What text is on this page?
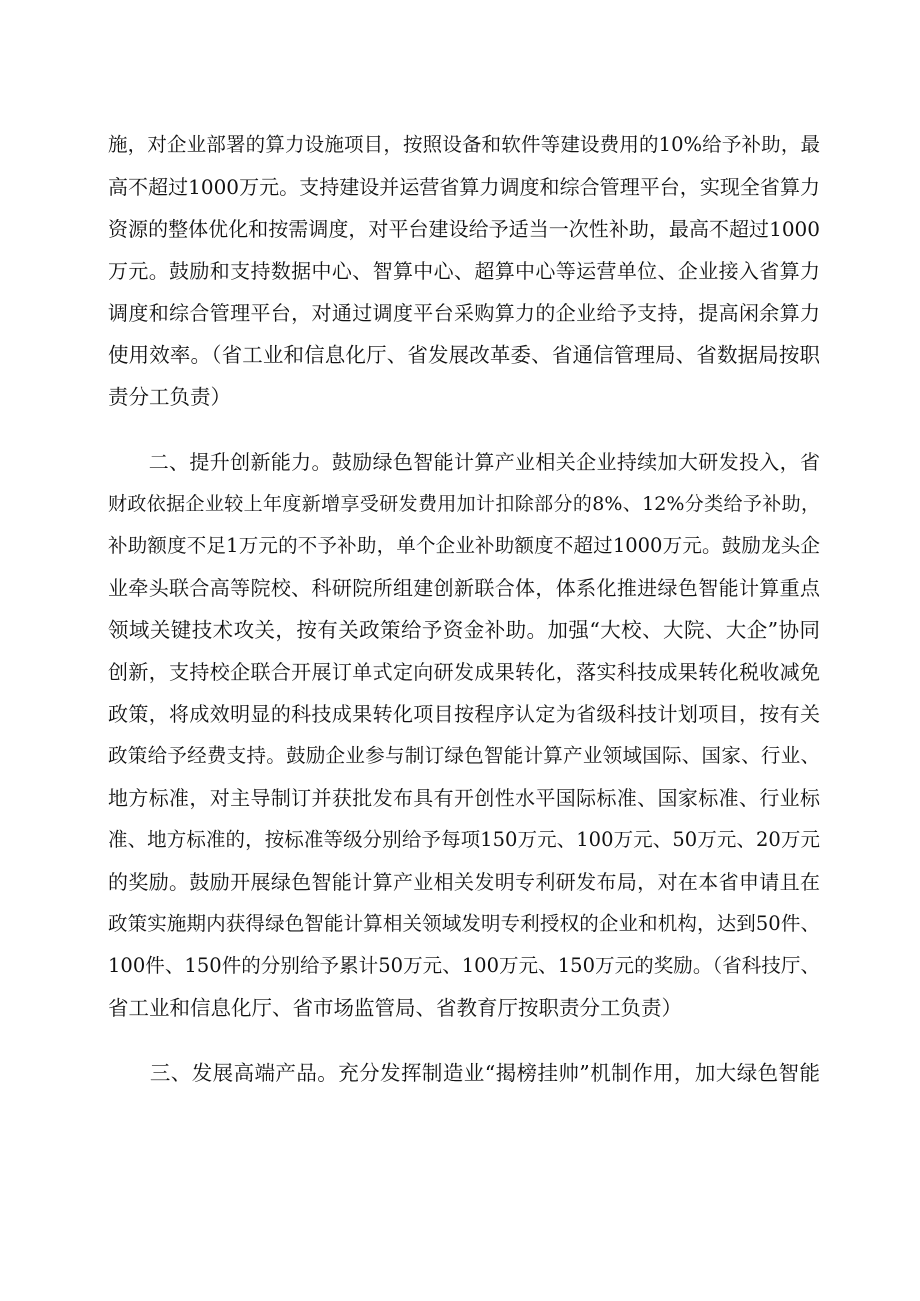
施，对企业部署的算力设施项目，按照设备和软件等建设费用的10%给予补助，最
高不超过1000万元。支持建设并运营省算力调度和综合管理平台，实现全省算力
资源的整体优化和按需调度，对平台建设给予适当一次性补助，最高不超过1000
万元。鼓励和支持数据中心、智算中心、超算中心等运营单位、企业接入省算力
调度和综合管理平台，对通过调度平台采购算力的企业给予支持，提高闲余算力
使用效率。（省工业和信息化厅、省发展改革委、省通信管理局、省数据局按职
责分工负责）
　　二、提升创新能力。鼓励绿色智能计算产业相关企业持续加大研发投入，省
财政依据企业较上年度新增享受研发费用加计扣除部分的8%、12%分类给予补助，
补助额度不足1万元的不予补助，单个企业补助额度不超过1000万元。鼓励龙头企
业牵头联合高等院校、科研院所组建创新联合体，体系化推进绿色智能计算重点
领域关键技术攻关，按有关政策给予资金补助。加强“大校、大院、大企”协同
创新，支持校企联合开展订单式定向研发成果转化，落实科技成果转化税收减免
政策，将成效明显的科技成果转化项目按程序认定为省级科技计划项目，按有关
政策给予经费支持。鼓励企业参与制订绿色智能计算产业领域国际、国家、行业、
地方标准，对主导制订并获批发布具有开创性水平国际标准、国家标准、行业标
准、地方标准的，按标准等级分别给予每项150万元、100万元、50万元、20万元
的奖励。鼓励开展绿色智能计算产业相关发明专利研发布局，对在本省申请且在
政策实施期内获得绿色智能计算相关领域发明专利授权的企业和机构，达到50件、
100件、150件的分别给予累计50万元、100万元、150万元的奖励。（省科技厅、
省工业和信息化厅、省市场监管局、省教育厅按职责分工负责）
　　三、发展高端产品。充分发挥制造业“揭榜挂帅”机制作用，加大绿色智能
